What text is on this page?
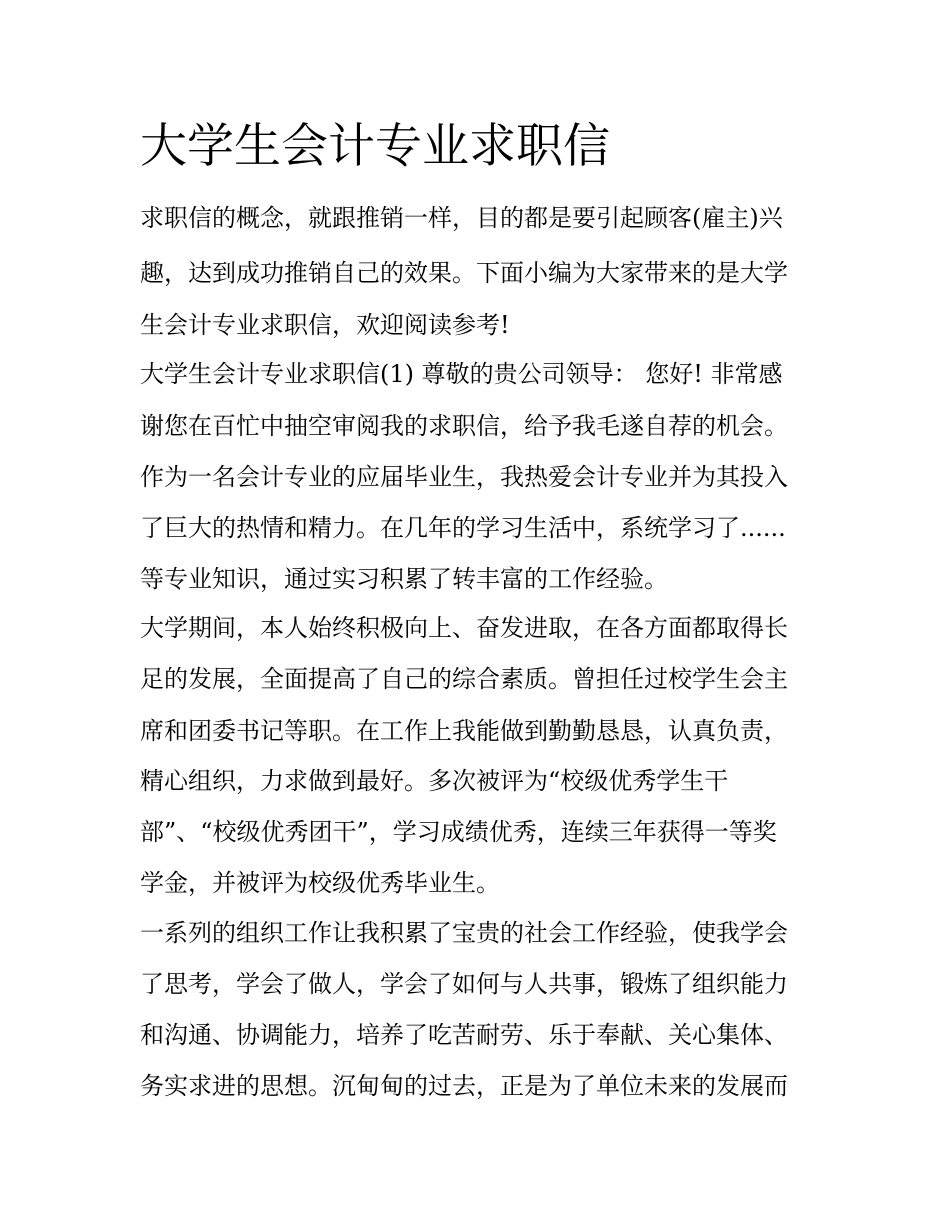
大学生会计专业求职信

求职信的概念，就跟推销一样，目的都是要引起顾客(雇主)兴

趣，达到成功推销自己的效果。下面小编为大家带来的是大学

生会计专业求职信，欢迎阅读参考!

大学生会计专业求职信(1) 尊敬的贵公司领导： 您好! 非常感

谢您在百忙中抽空审阅我的求职信，给予我毛遂自荐的机会。

作为一名会计专业的应届毕业生，我热爱会计专业并为其投入

了巨大的热情和精力。在几年的学习生活中，系统学习了......

等专业知识，通过实习积累了转丰富的工作经验。

大学期间，本人始终积极向上、奋发进取，在各方面都取得长

足的发展，全面提高了自己的综合素质。曾担任过校学生会主

席和团委书记等职。在工作上我能做到勤勤恳恳，认真负责，

精心组织，力求做到最好。多次被评为“校级优秀学生干

部”、“校级优秀团干”，学习成绩优秀，连续三年获得一等奖

学金，并被评为校级优秀毕业生。

一系列的组织工作让我积累了宝贵的社会工作经验，使我学会

了思考，学会了做人，学会了如何与人共事，锻炼了组织能力

和沟通、协调能力，培养了吃苦耐劳、乐于奉献、关心集体、

务实求进的思想。沉甸甸的过去，正是为了单位未来的发展而
